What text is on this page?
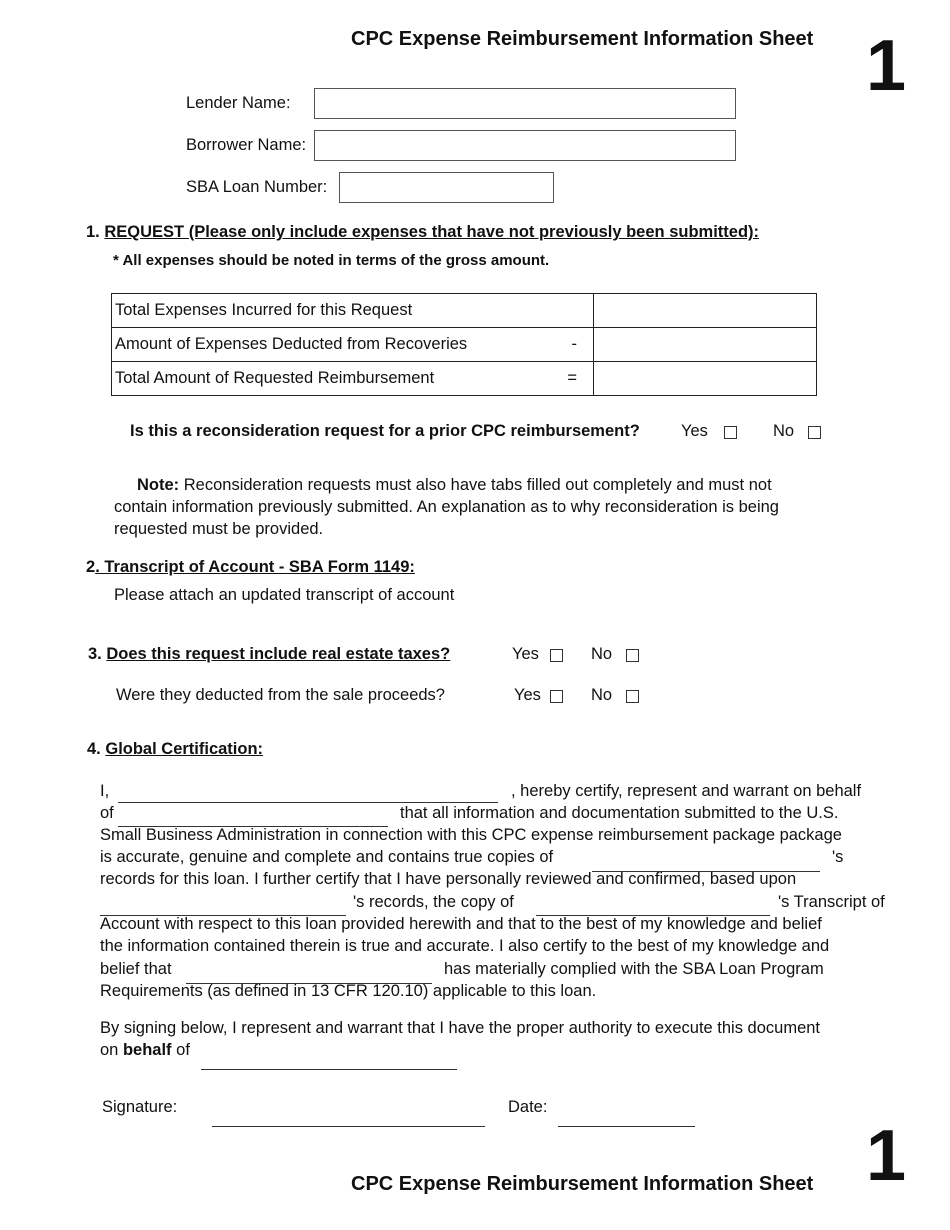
CPC Expense Reimbursement Information Sheet 1
Lender Name:
Borrower Name:
SBA Loan Number:
1. REQUEST (Please only include expenses that have not previously been submitted):
* All expenses should be noted in terms of the gross amount.
Total Expenses Incurred for this Request

Amount of Expenses Deducted from Recoveries -

Total Amount of Requested Reimbursement =

Is this a reconsideration request for a prior CPC reimbursement? Yes	No
Note: Reconsideration requests must also have tabs filled out completely and must not
contain information previously submitted. An explanation as to why reconsideration is being
requested must be provided.
2. Transcript of Account - SBA Form 1149:
Please attach an updated transcript of account
3. Does this request include real estate taxes?	Yes	No
Were they deducted from the sale proceeds?	Yes	No
4. Global Certification:
I,	, hereby certify, represent and warrant on behalf
of	that all information and documentation submitted to the U.S.
Small Business Administration in connection with this CPC expense reimbursement package package
is accurate, genuine and complete and contains true copies of	's
records for this loan. I further certify that I have personally reviewed and confirmed, based upon
's records, the copy of	's Transcript of
Account with respect to this loan provided herewith and that to the best of my knowledge and belief
the information contained therein is true and accurate. I also certify to the best of my knowledge and
belief that	has materially complied with the SBA Loan Program
Requirements (as defined in 13 CFR 120.10) applicable to this loan.
By signing below, I represent and warrant that I have the proper authority to execute this document
on behalf of
Signature:	Date:
1
CPC Expense Reimbursement Information Sheet
